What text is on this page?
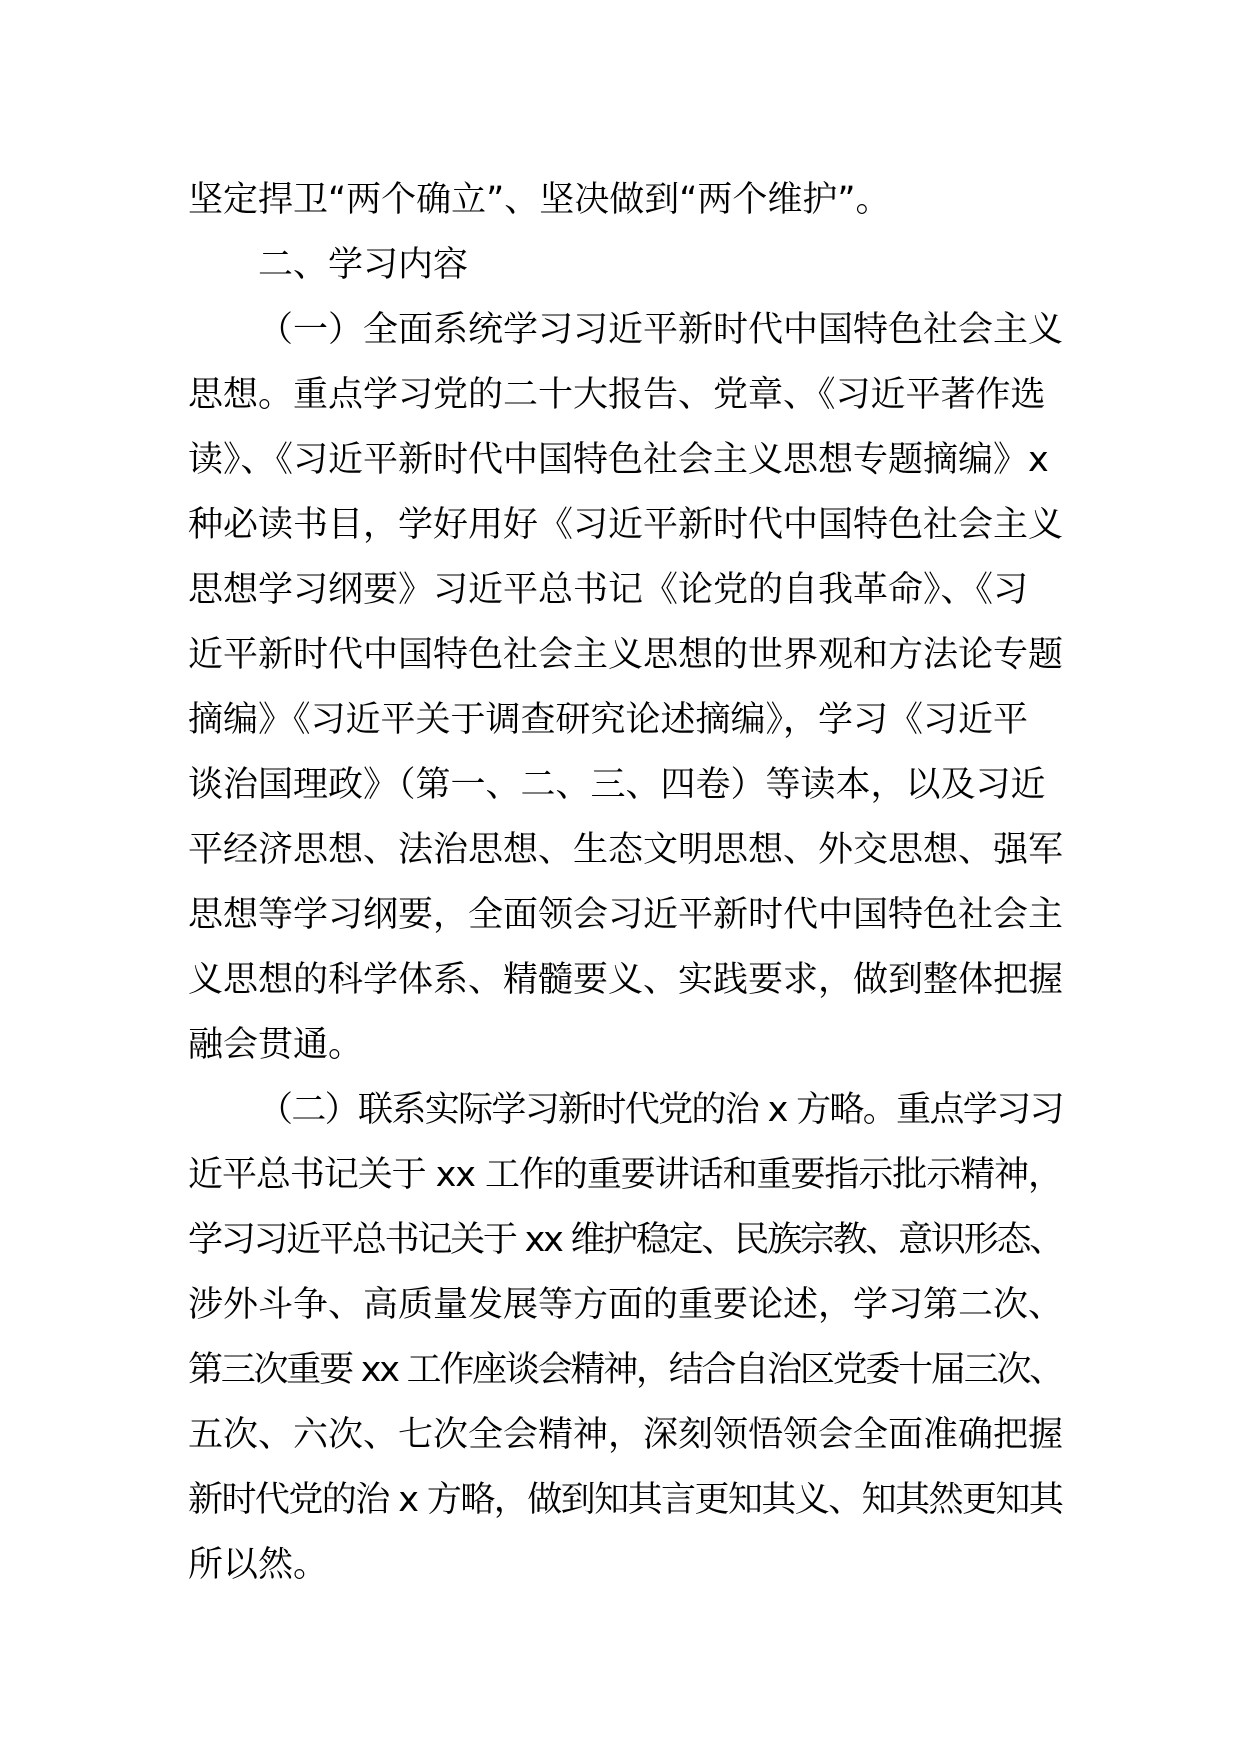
坚定捍卫“两个确立”、坚决做到“两个维护”。
二、学习内容
（一）全面系统学习习近平新时代中国特色社会主义
思想。重点学习党的二十大报告、党章、《习近平著作选
读》、《习近平新时代中国特色社会主义思想专题摘编》x
种必读书目，学好用好《习近平新时代中国特色社会主义
思想学习纲要》习近平总书记《论党的自我革命》、《习
近平新时代中国特色社会主义思想的世界观和方法论专题
摘编》《习近平关于调查研究论述摘编》，学习《习近平
谈治国理政》（第一、二、三、四卷）等读本，以及习近
平经济思想、法治思想、生态文明思想、外交思想、强军
思想等学习纲要，全面领会习近平新时代中国特色社会主
义思想的科学体系、精髓要义、实践要求，做到整体把握
融会贯通。
（二）联系实际学习新时代党的治 x 方略。重点学习习
近平总书记关于 xx 工作的重要讲话和重要指示批示精神，
学习习近平总书记关于 xx 维护稳定、民族宗教、意识形态、
涉外斗争、高质量发展等方面的重要论述，学习第二次、
第三次重要 xx 工作座谈会精神，结合自治区党委十届三次、
五次、六次、七次全会精神，深刻领悟领会全面准确把握
新时代党的治 x 方略，做到知其言更知其义、知其然更知其
所以然。
